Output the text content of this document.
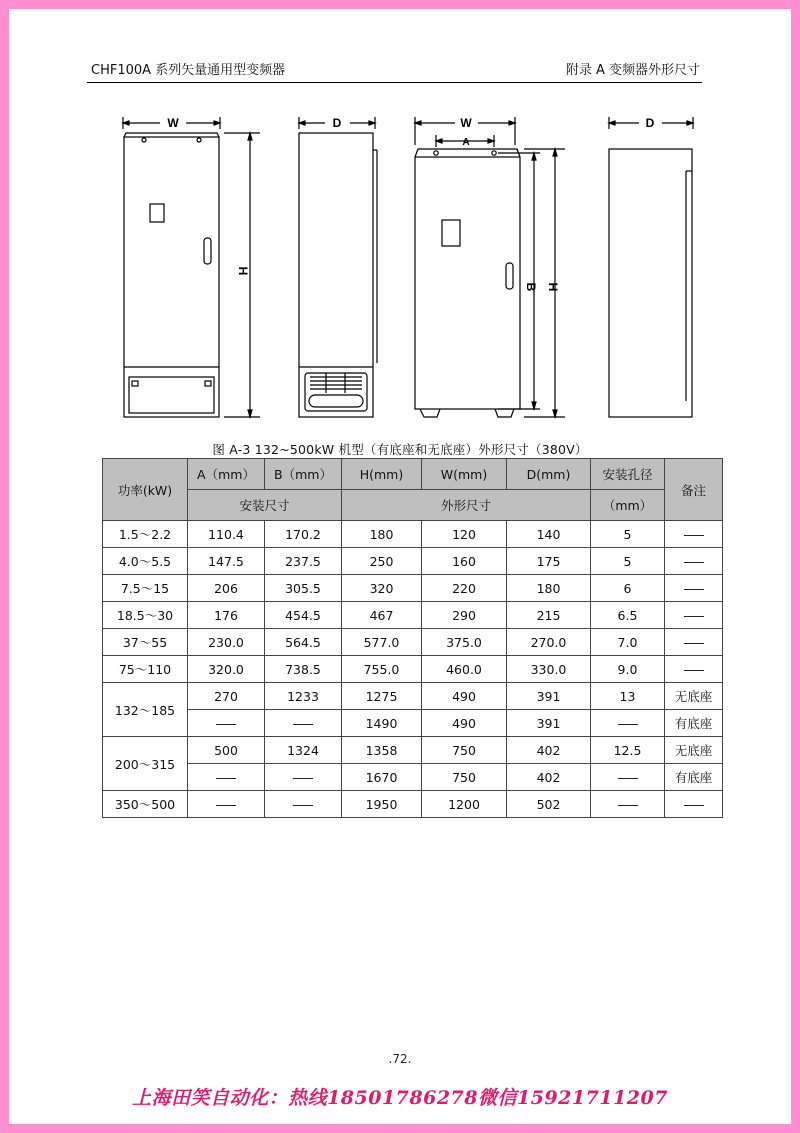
CHF100A 系列矢量通用型变频器	附录 A 变频器外形尺寸
W	D	W
A
D
H
B H
图 A-3 132~500kW 机型（有底座和无底座）外形尺寸（380V）
功率(kW)	A（mm）	B（mm）	H(mm)	W(mm)	D(mm)	安装孔径	备注
	安装尺寸		外形尺寸			（mm）	
1.5～2.2	110.4	170.2	180	120	140	5	
4.0～5.5	147.5	237.5	250	160	175	5	
7.5～15	206	305.5	320	220	180	6	
18.5～30	176	454.5	467	290	215	6.5	
37～55	230.0	564.5	577.0	375.0	270.0	7.0	
75～110	320.0	738.5	755.0	460.0	330.0	9.0	
132～185	270	1233	1275	490	391	13	无底座
			1490	490	391		有底座
200～315	500	1324	1358	750	402	12.5	无底座
			1670	750	402		有底座
350～500			1950	1200	502		
.72.
上海田笑自动化：热线18501786278微信15921711207
